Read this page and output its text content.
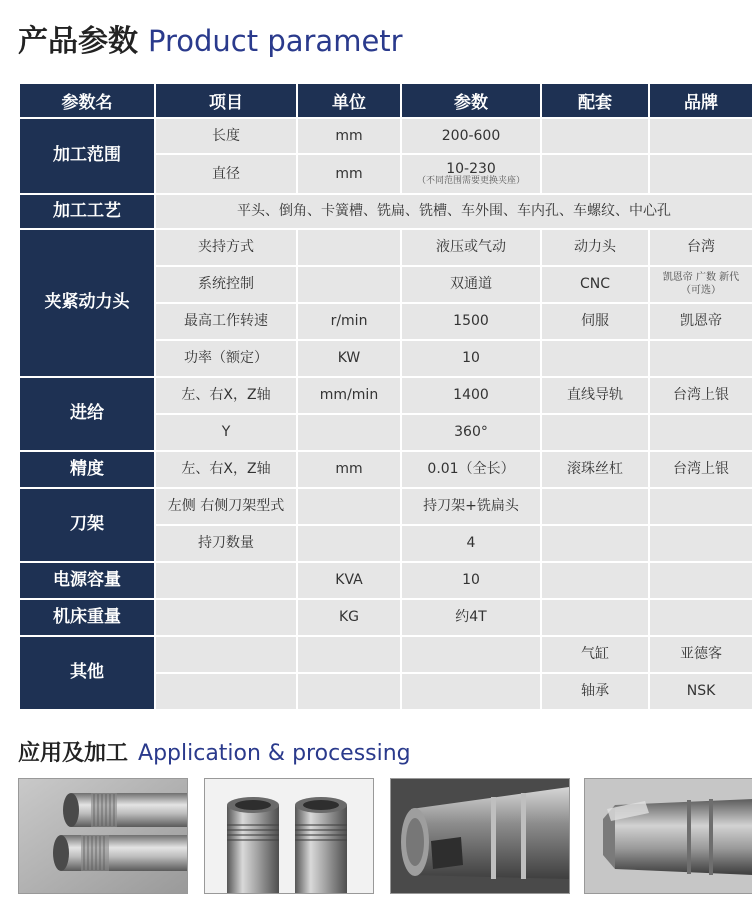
产品参数 Product parametr
参数名	项目	单位	参数	配套	品牌
加工范围	长度	mm	200-600		
	直径	mm	10-230
（不同范围需要更换夹座）		

加工工艺	平头、倒角、卡簧槽、铣扁、铣槽、车外围、车内孔、车螺纹、中心孔				
夹紧动力头	夹持方式		液压或气动	动力头	台湾
	系统控制		双通道	CNC	凯恩帝 广数 新代
（可选）
	最高工作转速	r/min	1500	伺服	凯恩帝
	功率（额定）	KW	10		
进给	左、右X，Z轴	mm/min	1400	直线导轨	台湾上银
	Y		360°		
精度	左、右X，Z轴	mm	0.01（全长）	滚珠丝杠	台湾上银
刀架	左侧 右侧刀架型式		持刀架+铣扁头		
	持刀数量		4		
电源容量		KVA	10		
机床重量		KG	约4T		
其他				气缸	亚德客
				轴承	NSK
应用及加工 Application & processing
